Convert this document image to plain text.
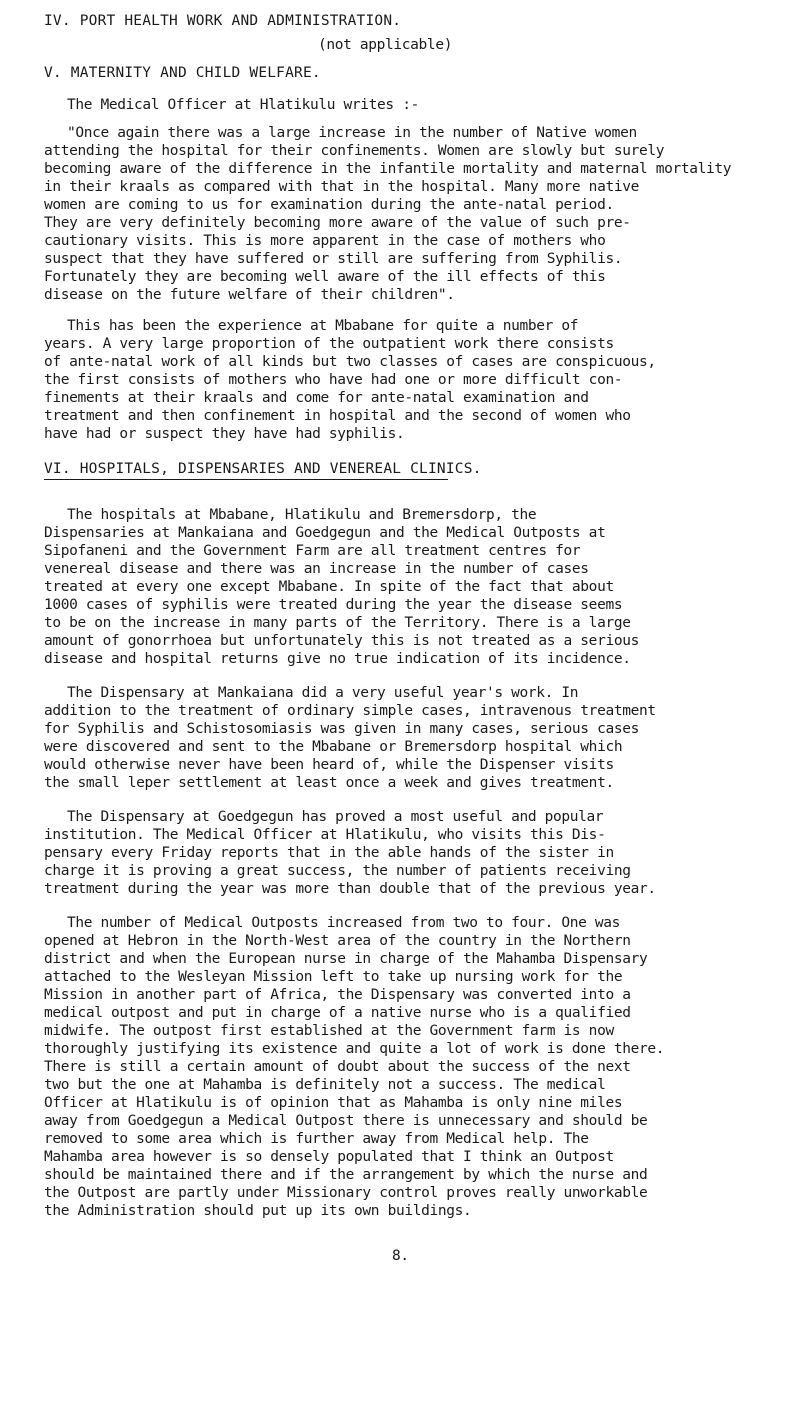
IV. PORT HEALTH WORK AND ADMINISTRATION.

(not applicable)

V. MATERNITY AND CHILD WELFARE.

The Medical Officer at Hlatikulu writes :-

"Once again there was a large increase in the number of Native women

attending the hospital for their confinements. Women are slowly but surely

becoming aware of the difference in the infantile mortality and maternal mortality

in their kraals as compared with that in the hospital. Many more native

women are coming to us for examination during the ante-natal period.

They are very definitely becoming more aware of the value of such pre-

cautionary visits. This is more apparent in the case of mothers who

suspect that they have suffered or still are suffering from Syphilis.

Fortunately they are becoming well aware of the ill effects of this

disease on the future welfare of their children".

This has been the experience at Mbabane for quite a number of

years. A very large proportion of the outpatient work there consists

of ante-natal work of all kinds but two classes of cases are conspicuous,

the first consists of mothers who have had one or more difficult con-

finements at their kraals and come for ante-natal examination and

treatment and then confinement in hospital and the second of women who

have had or suspect they have had syphilis.

VI. HOSPITALS, DISPENSARIES AND VENEREAL CLINICS.

The hospitals at Mbabane, Hlatikulu and Bremersdorp, the

Dispensaries at Mankaiana and Goedgegun and the Medical Outposts at

Sipofaneni and the Government Farm are all treatment centres for

venereal disease and there was an increase in the number of cases

treated at every one except Mbabane. In spite of the fact that about

1000 cases of syphilis were treated during the year the disease seems

to be on the increase in many parts of the Territory. There is a large

amount of gonorrhoea but unfortunately this is not treated as a serious

disease and hospital returns give no true indication of its incidence.

The Dispensary at Mankaiana did a very useful year's work. In

addition to the treatment of ordinary simple cases, intravenous treatment

for Syphilis and Schistosomiasis was given in many cases, serious cases

were discovered and sent to the Mbabane or Bremersdorp hospital which

would otherwise never have been heard of, while the Dispenser visits

the small leper settlement at least once a week and gives treatment.

The Dispensary at Goedgegun has proved a most useful and popular

institution. The Medical Officer at Hlatikulu, who visits this Dis-

pensary every Friday reports that in the able hands of the sister in

charge it is proving a great success, the number of patients receiving

treatment during the year was more than double that of the previous year.

The number of Medical Outposts increased from two to four. One was

opened at Hebron in the North-West area of the country in the Northern

district and when the European nurse in charge of the Mahamba Dispensary

attached to the Wesleyan Mission left to take up nursing work for the

Mission in another part of Africa, the Dispensary was converted into a

medical outpost and put in charge of a native nurse who is a qualified

midwife. The outpost first established at the Government farm is now

thoroughly justifying its existence and quite a lot of work is done there.

There is still a certain amount of doubt about the success of the next

two but the one at Mahamba is definitely not a success. The medical

Officer at Hlatikulu is of opinion that as Mahamba is only nine miles

away from Goedgegun a Medical Outpost there is unnecessary and should be

removed to some area which is further away from Medical help. The

Mahamba area however is so densely populated that I think an Outpost

should be maintained there and if the arrangement by which the nurse and

the Outpost are partly under Missionary control proves really unworkable

the Administration should put up its own buildings.

8.
